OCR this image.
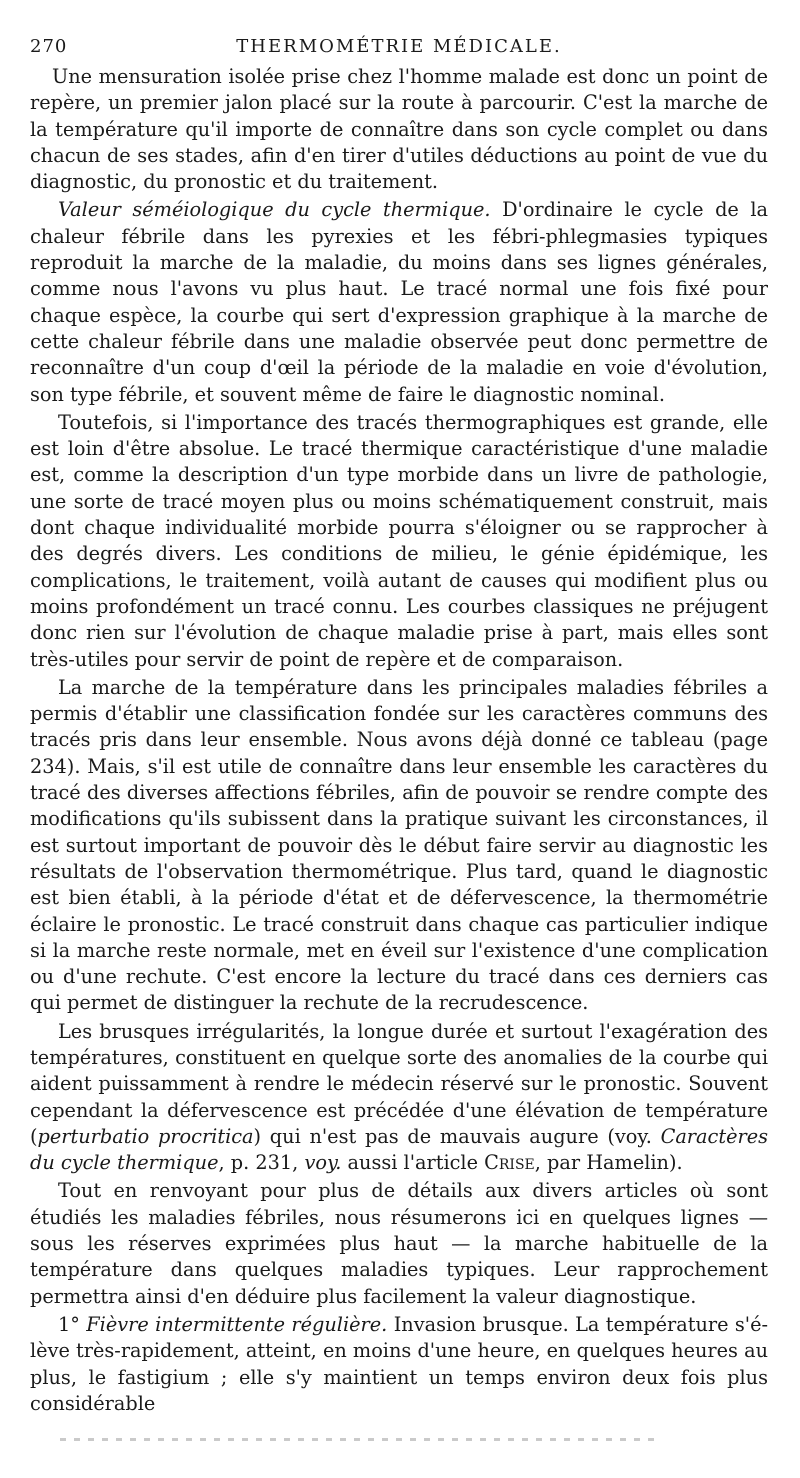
270	THERMOMÉTRIE MÉDICALE.

Une mensuration isolée prise chez l'homme malade est donc un point de repère, un premier jalon placé sur la route à parcourir. C'est la marche de la température qu'il importe de connaître dans son cycle complet ou dans chacun de ses stades, afin d'en tirer d'utiles déductions au point de vue du diagnostic, du pronostic et du traitement.

Valeur séméiologique du cycle thermique. D'ordinaire le cycle de la chaleur fébrile dans les pyrexies et les fébri-phlegmasies typiques reproduit la marche de la maladie, du moins dans ses lignes générales, comme nous l'avons vu plus haut. Le tracé normal une fois fixé pour chaque espèce, la courbe qui sert d'expression graphique à la marche de cette chaleur fébrile dans une maladie observée peut donc permettre de reconnaître d'un coup d'œil la période de la maladie en voie d'évolution, son type fébrile, et souvent même de faire le diagnostic nominal.

Toutefois, si l'importance des tracés thermographiques est grande, elle est loin d'être absolue. Le tracé thermique caractéristique d'une maladie est, comme la description d'un type morbide dans un livre de pathologie, une sorte de tracé moyen plus ou moins schématiquement construit, mais dont chaque individualité morbide pourra s'éloigner ou se rapprocher à des degrés divers. Les conditions de milieu, le génie épidémique, les complications, le traitement, voilà autant de causes qui modifient plus ou moins profondément un tracé connu. Les courbes classiques ne préjugent donc rien sur l'évolution de chaque maladie prise à part, mais elles sont très-utiles pour servir de point de repère et de comparaison.

La marche de la température dans les principales maladies fébriles a permis d'établir une classification fondée sur les caractères communs des tracés pris dans leur ensemble. Nous avons déjà donné ce tableau (page 234). Mais, s'il est utile de connaître dans leur ensemble les caractères du tracé des diverses affections fébriles, afin de pouvoir se rendre compte des modifications qu'ils subissent dans la pratique suivant les circonstances, il est surtout important de pouvoir dès le début faire servir au diagnostic les résultats de l'observation thermométrique. Plus tard, quand le diagnostic est bien établi, à la période d'état et de défervescence, la thermométrie éclaire le pronostic. Le tracé construit dans chaque cas particulier indique si la marche reste normale, met en éveil sur l'existence d'une complication ou d'une rechute. C'est encore la lecture du tracé dans ces derniers cas qui permet de distinguer la rechute de la recrudescence.

Les brusques irrégularités, la longue durée et surtout l'exagération des températures, constituent en quelque sorte des anomalies de la courbe qui aident puissamment à rendre le médecin réservé sur le pronostic. Souvent cependant la défervescence est précédée d'une élévation de température (perturbatio procritica) qui n'est pas de mauvais augure (voy. Caractères du cycle thermique, p. 231, voy. aussi l'article Crise, par Hamelin).

Tout en renvoyant pour plus de détails aux divers articles où sont étudiés les maladies fébriles, nous résumerons ici en quelques lignes — sous les réserves exprimées plus haut — la marche habituelle de la température dans quelques maladies typiques. Leur rapprochement permettra ainsi d'en déduire plus facilement la valeur diagnostique.

1° Fièvre intermittente régulière. Invasion brusque. La température s'élève très-rapidement, atteint, en moins d'une heure, en quelques heures au plus, le fastigium ; elle s'y maintient un temps environ deux fois plus considérable
